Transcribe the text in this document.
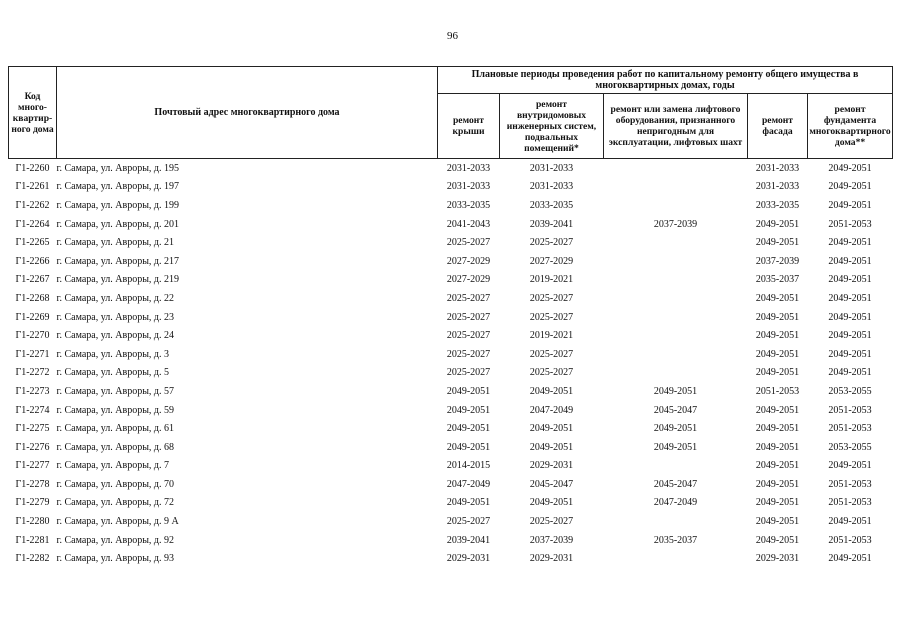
96
Код много-квартир-ного дома	Почтовый адрес многоквартирного дома	Плановые периоды проведения работ по капитальному ремонту общего имущества в многоквартирных домах, годы				
		ремонт крыши	ремонт внутридомовых инженерных систем, подвальных помещений*	ремонт или замена лифтового оборудования, признанного непригодным для эксплуатации, лифтовых шахт	ремонт фасада	ремонт фундамента многоквартирного дома**
Г1-2260	г. Самара, ул. Авроры, д. 195	2031-2033	2031-2033		2031-2033	2049-2051
Г1-2261	г. Самара, ул. Авроры, д. 197	2031-2033	2031-2033		2031-2033	2049-2051
Г1-2262	г. Самара, ул. Авроры, д. 199	2033-2035	2033-2035		2033-2035	2049-2051
Г1-2264	г. Самара, ул. Авроры, д. 201	2041-2043	2039-2041	2037-2039	2049-2051	2051-2053
Г1-2265	г. Самара, ул. Авроры, д. 21	2025-2027	2025-2027		2049-2051	2049-2051
Г1-2266	г. Самара, ул. Авроры, д. 217	2027-2029	2027-2029		2037-2039	2049-2051
Г1-2267	г. Самара, ул. Авроры, д. 219	2027-2029	2019-2021		2035-2037	2049-2051
Г1-2268	г. Самара, ул. Авроры, д. 22	2025-2027	2025-2027		2049-2051	2049-2051
Г1-2269	г. Самара, ул. Авроры, д. 23	2025-2027	2025-2027		2049-2051	2049-2051
Г1-2270	г. Самара, ул. Авроры, д. 24	2025-2027	2019-2021		2049-2051	2049-2051
Г1-2271	г. Самара, ул. Авроры, д. 3	2025-2027	2025-2027		2049-2051	2049-2051
Г1-2272	г. Самара, ул. Авроры, д. 5	2025-2027	2025-2027		2049-2051	2049-2051
Г1-2273	г. Самара, ул. Авроры, д. 57	2049-2051	2049-2051	2049-2051	2051-2053	2053-2055
Г1-2274	г. Самара, ул. Авроры, д. 59	2049-2051	2047-2049	2045-2047	2049-2051	2051-2053
Г1-2275	г. Самара, ул. Авроры, д. 61	2049-2051	2049-2051	2049-2051	2049-2051	2051-2053
Г1-2276	г. Самара, ул. Авроры, д. 68	2049-2051	2049-2051	2049-2051	2049-2051	2053-2055
Г1-2277	г. Самара, ул. Авроры, д. 7	2014-2015	2029-2031		2049-2051	2049-2051
Г1-2278	г. Самара, ул. Авроры, д. 70	2047-2049	2045-2047	2045-2047	2049-2051	2051-2053
Г1-2279	г. Самара, ул. Авроры, д. 72	2049-2051	2049-2051	2047-2049	2049-2051	2051-2053
Г1-2280	г. Самара, ул. Авроры, д. 9 А	2025-2027	2025-2027		2049-2051	2049-2051
Г1-2281	г. Самара, ул. Авроры, д. 92	2039-2041	2037-2039	2035-2037	2049-2051	2051-2053
Г1-2282	г. Самара, ул. Авроры, д. 93	2029-2031	2029-2031		2029-2031	2049-2051
